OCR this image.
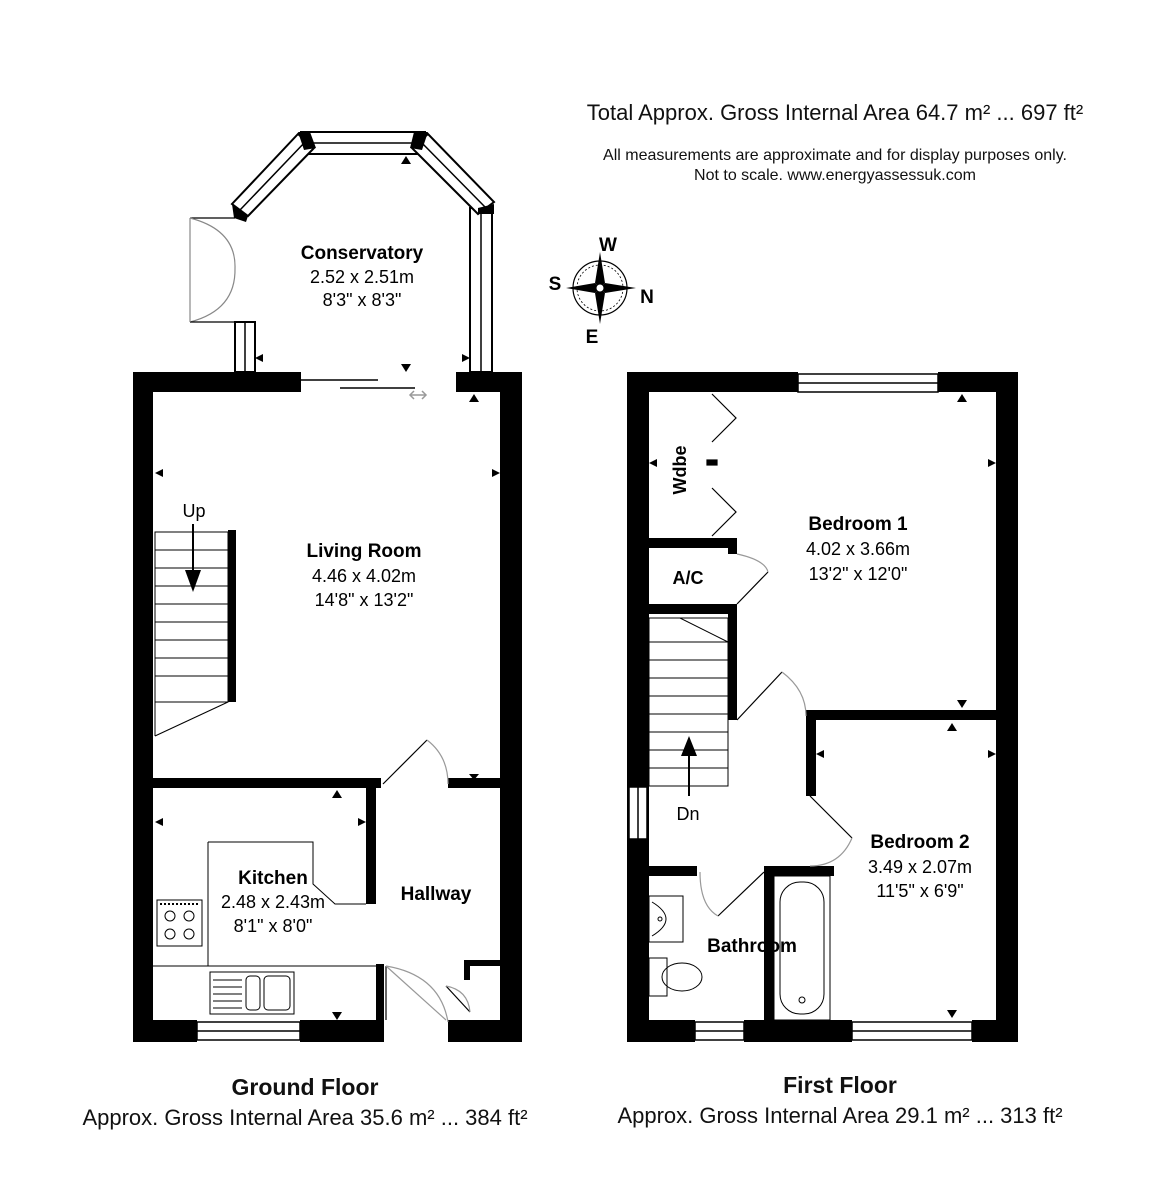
Total Approx. Gross Internal Area 64.7 m² ... 697 ft²
All measurements are approximate and for display purposes only.
Not to scale. www.energyassessuk.com
Conservatory
2.52 x 2.51m
8'3" x 8'3"
Living Room
4.46 x 4.02m
14'8" x 13'2"
Up
Kitchen
2.48 x 2.43m
8'1" x 8'0"
Hallway
Wdbe
A/C
Bedroom 1
4.02 x 3.66m
13'2" x 12'0"
Dn
Bedroom 2
3.49 x 2.07m
11'5" x 6'9"
Bathroom
W
S
N
E
Ground Floor
Approx. Gross Internal Area 35.6 m² ... 384 ft²
First Floor
Approx. Gross Internal Area 29.1 m² ... 313 ft²
